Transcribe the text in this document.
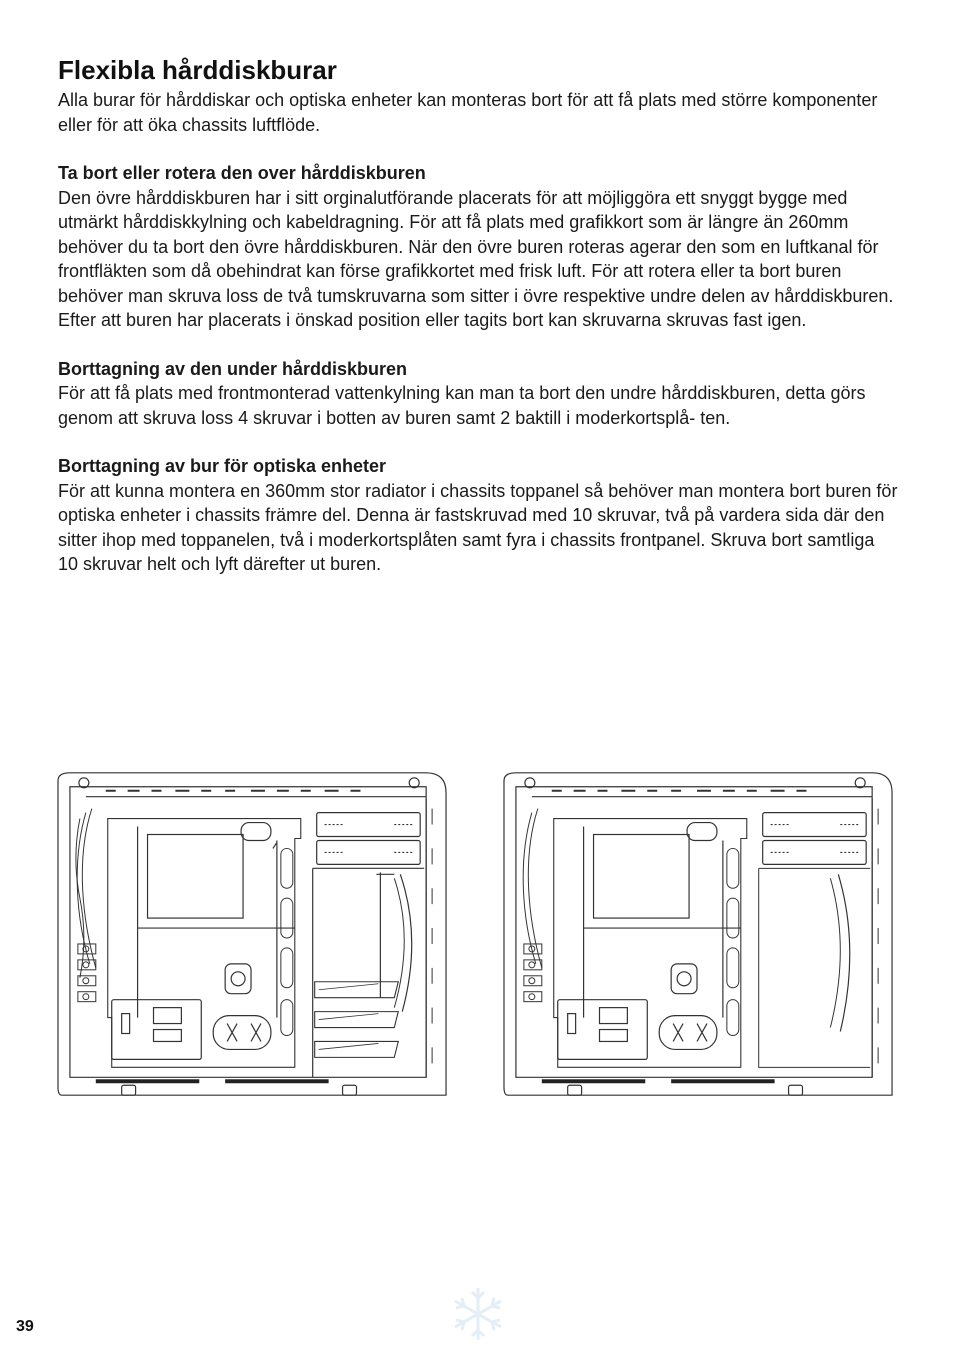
Flexibla hårddiskburar

Alla burar för hårddiskar och optiska enheter kan monteras bort för att få plats med större komponenter eller för att öka chassits luftflöde.

Ta bort eller rotera den over hårddiskburen

Den övre hårddiskburen har i sitt orginalutförande placerats för att möjliggöra ett snyggt bygge med utmärkt hårddiskkylning och kabeldragning. För att få plats med grafikkort som är längre än 260mm behöver du ta bort den övre hårddiskburen. När den övre buren roteras agerar den som en luftkanal för frontfläkten som då obehindrat kan förse grafikkortet med frisk luft. För att rotera eller ta bort buren behöver man skruva loss de två tumskruvarna som sitter i övre respektive undre delen av hårddiskburen. Efter att buren har placerats i önskad position eller tagits bort kan skruvarna skruvas fast igen.

Borttagning av den under hårddiskburen

För att få plats med frontmonterad vattenkylning kan man ta bort den undre hårddiskburen, detta görs genom att skruva loss 4 skruvar i botten av buren samt 2 baktill i moderkortsplå- ten.

Borttagning av bur för optiska enheter

För att kunna montera en 360mm stor radiator i chassits toppanel så behöver man montera bort buren för optiska enheter i chassits främre del. Denna är fastskruvad med 10 skruvar, två på vardera sida där den sitter ihop med toppanelen, två i moderkortsplåten samt fyra i chassits frontpanel. Skruva bort samtliga 10 skruvar helt och lyft därefter ut buren.

39
